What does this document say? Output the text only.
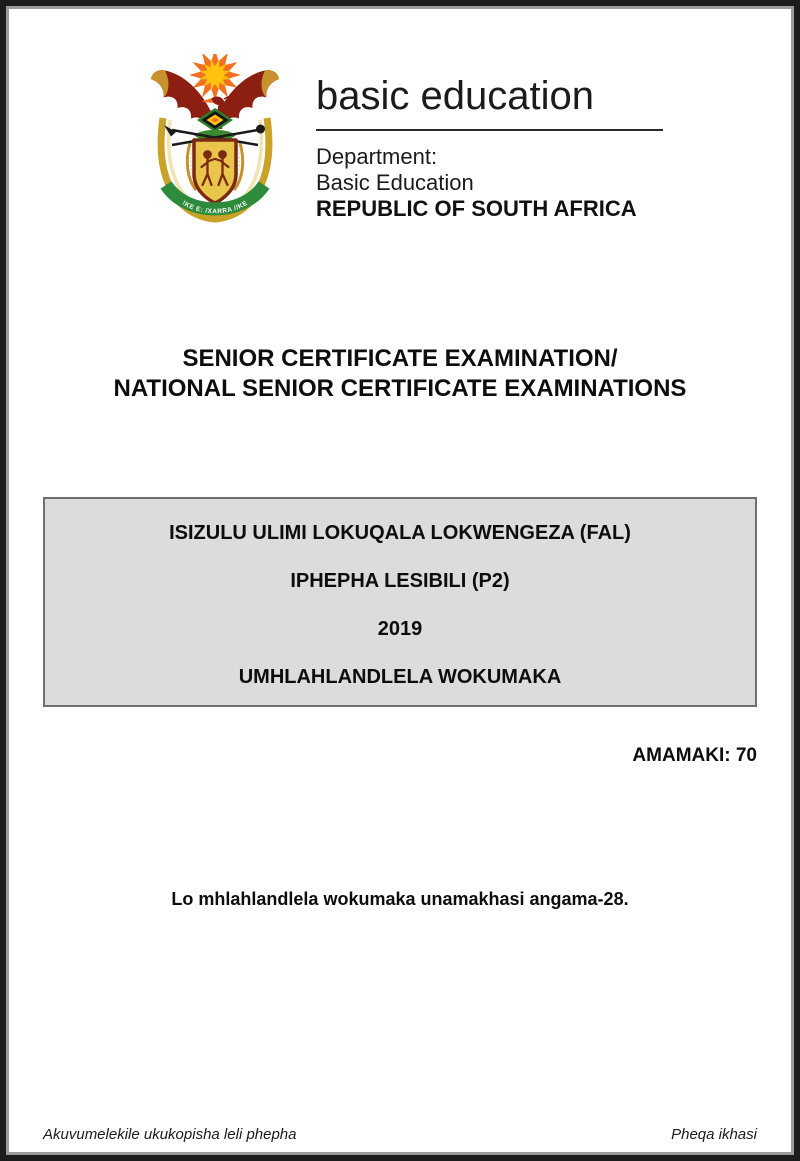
!KE E: /XARRA //KE
basic education
Department:
Basic Education
REPUBLIC OF SOUTH AFRICA
SENIOR CERTIFICATE EXAMINATION/
NATIONAL SENIOR CERTIFICATE EXAMINATIONS

ISIZULU ULIMI LOKUQALA LOKWENGEZA (FAL)

IPHEPHA LESIBILI (P2)

2019

UMHLAHLANDLELA WOKUMAKA

AMAMAKI: 70
Lo mhlahlandlela wokumaka unamakhasi angama-28.
Akuvumelekile ukukopisha leli phepha	Pheqa ikhasi
